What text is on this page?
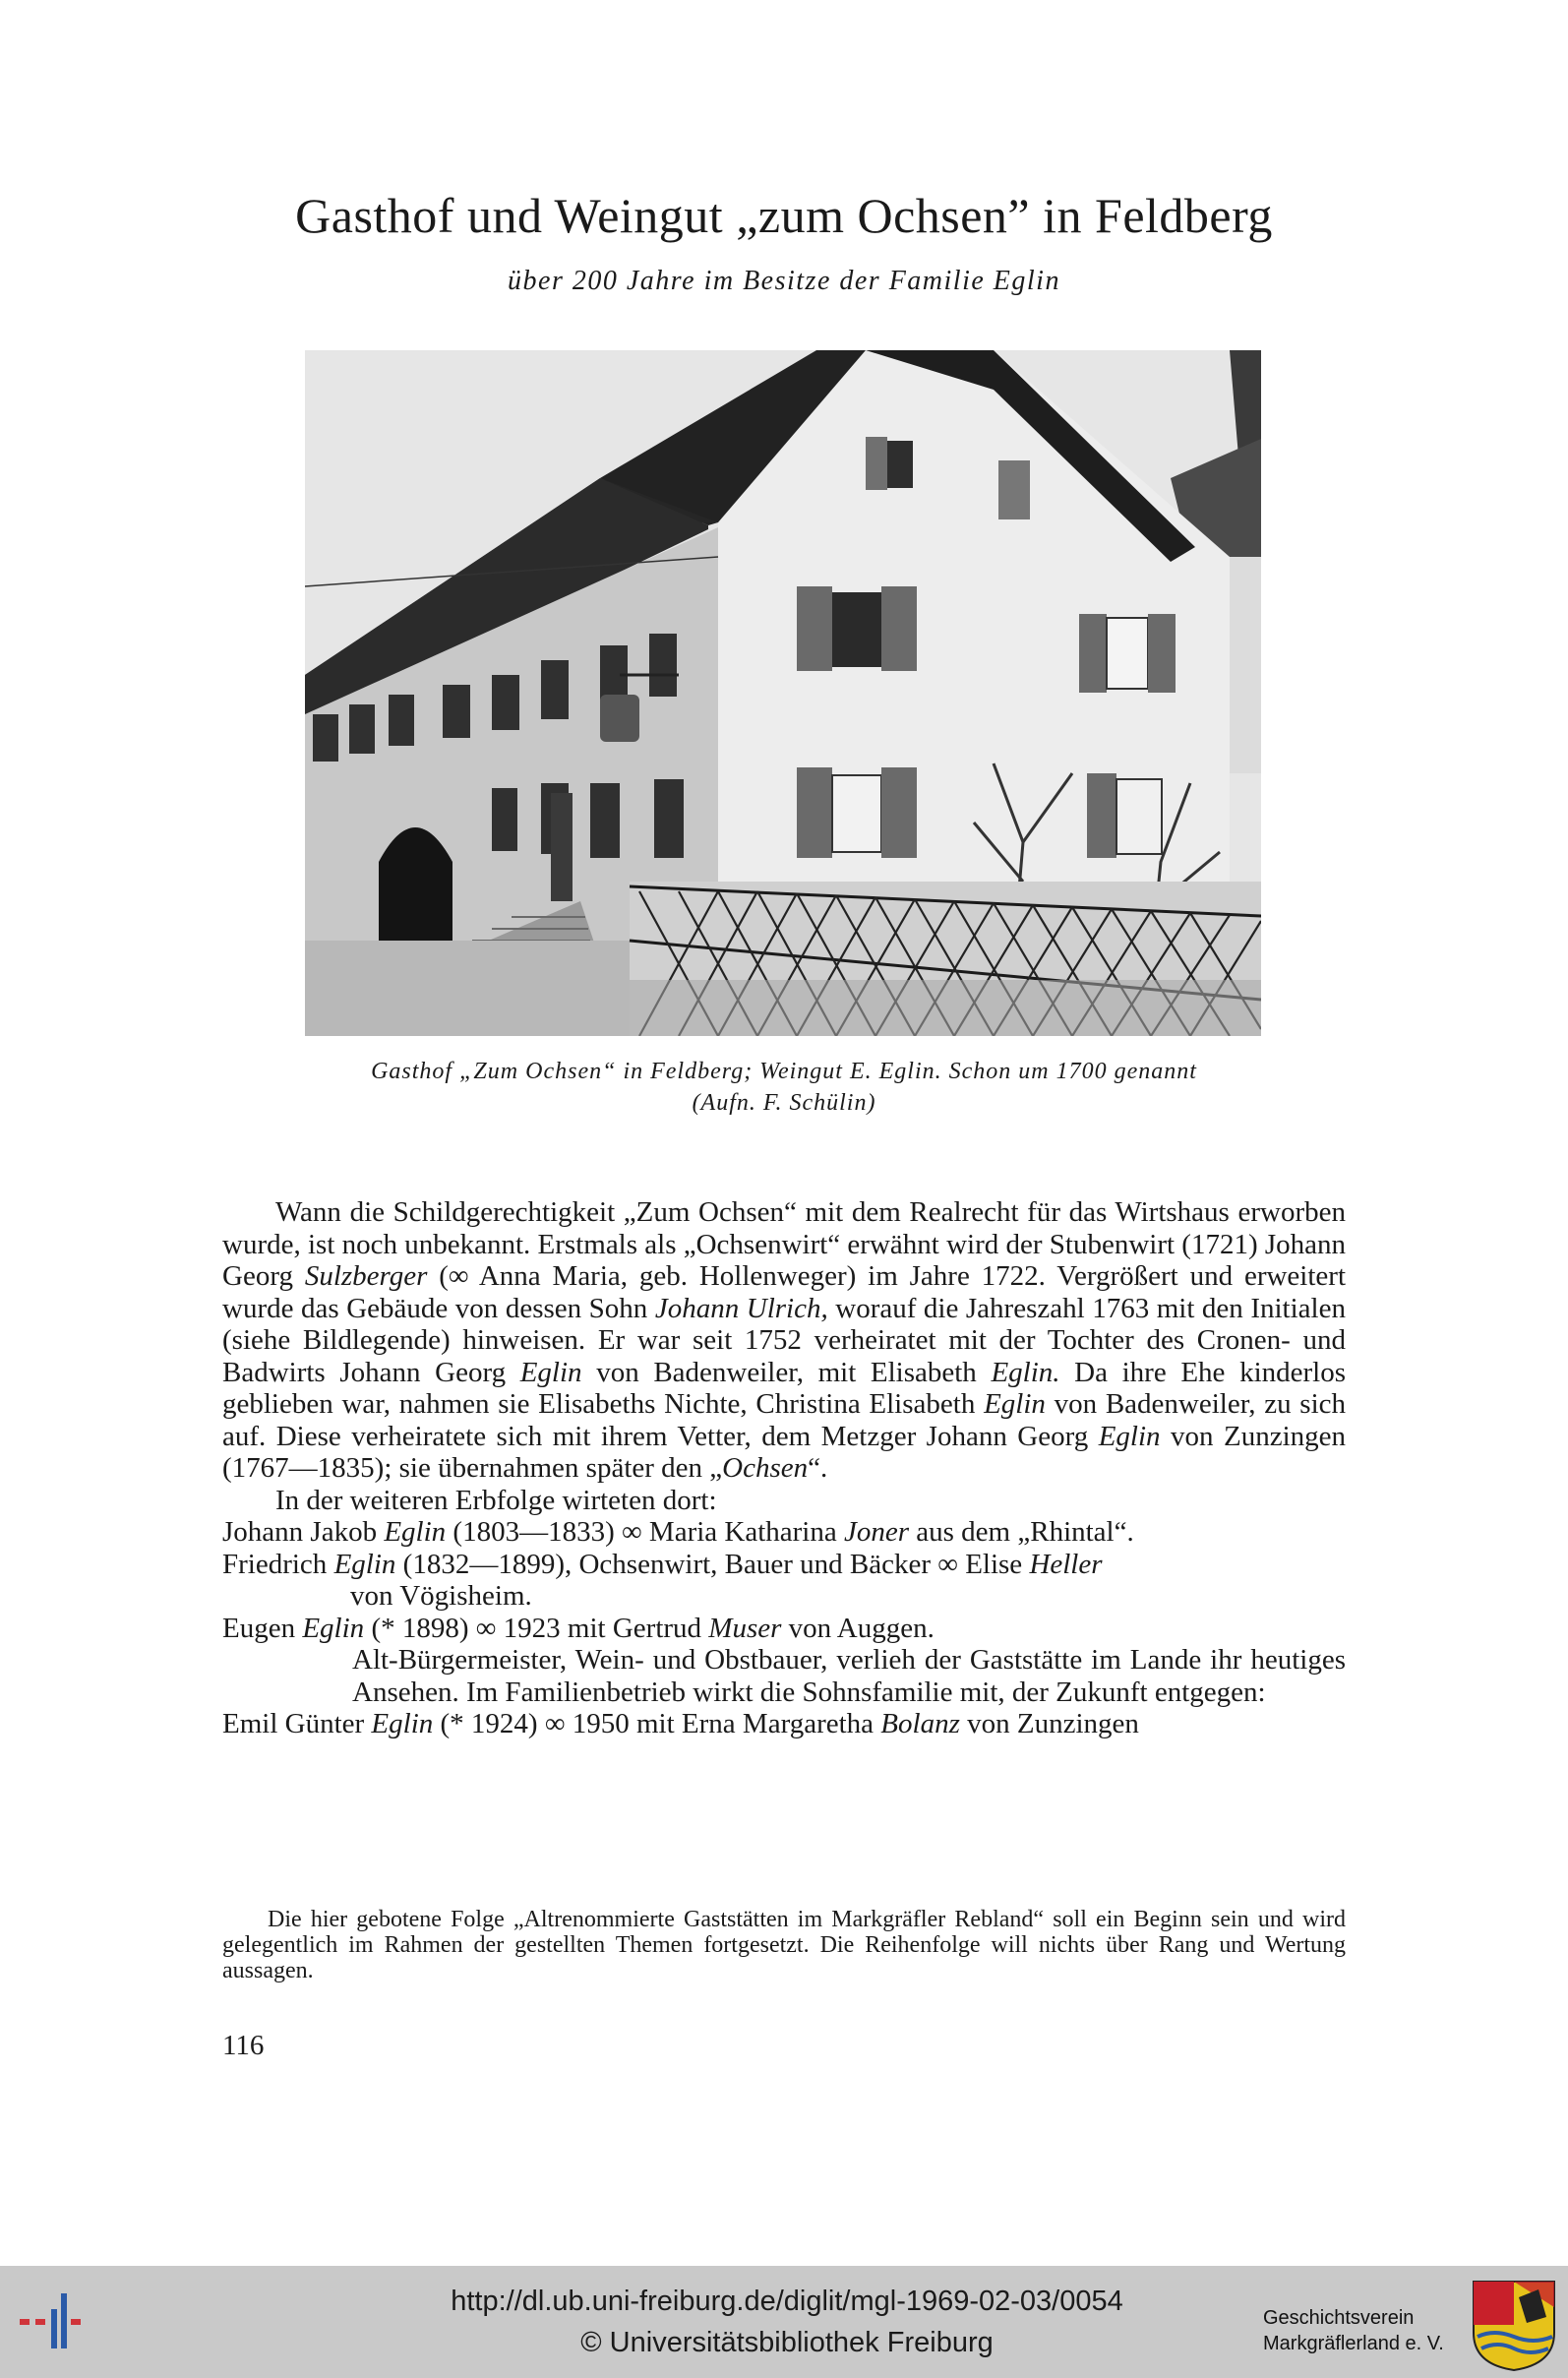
Gasthof und Weingut „zum Ochsen” in Feldberg
über 200 Jahre im Besitze der Familie Eglin
Gasthof „Zum Ochsen“ in Feldberg; Weingut E. Eglin. Schon um 1700 genannt
(Aufn. F. Schülin)

Wann die Schildgerechtigkeit „Zum Ochsen“ mit dem Realrecht für das Wirtshaus erworben wurde, ist noch unbekannt. Erstmals als „Ochsenwirt“ erwähnt wird der Stubenwirt (1721) Johann Georg Sulzberger (∞ Anna Maria, geb. Hollenweger) im Jahre 1722. Vergrößert und erweitert wurde das Gebäude von dessen Sohn Johann Ulrich, worauf die Jahreszahl 1763 mit den Initialen (siehe Bildlegende) hinweisen. Er war seit 1752 verheiratet mit der Tochter des Cronen- und Badwirts Johann Georg Eglin von Badenweiler, mit Elisabeth Eglin. Da ihre Ehe kinderlos geblieben war, nahmen sie Elisabeths Nichte, Christina Elisabeth Eglin von Badenweiler, zu sich auf. Diese verheiratete sich mit ihrem Vetter, dem Metzger Johann Georg Eglin von Zunzingen (1767—1835); sie übernahmen später den „Ochsen“.

In der weiteren Erbfolge wirteten dort:

Johann Jakob Eglin (1803—1833) ∞ Maria Katharina Joner aus dem „Rhintal“.
Friedrich Eglin (1832—1899), Ochsenwirt, Bauer und Bäcker ∞ Elise Heller
von Vögisheim.
Eugen Eglin (* 1898) ∞ 1923 mit Gertrud Muser von Auggen.
Alt-Bürgermeister, Wein- und Obstbauer, verlieh der Gaststätte im Lande ihr heutiges Ansehen. Im Familienbetrieb wirkt die Sohnsfamilie mit, der Zukunft entgegen:
Emil Günter Eglin (* 1924) ∞ 1950 mit Erna Margaretha Bolanz von Zunzingen

Die hier gebotene Folge „Altrenommierte Gaststätten im Markgräfler Rebland“ soll ein Beginn sein und wird gelegentlich im Rahmen der gestellten Themen fortgesetzt. Die Reihenfolge will nichts über Rang und Wertung aussagen.

116
http://dl.ub.uni-freiburg.de/diglit/mgl-1969-02-03/0054
© Universitätsbibliothek Freiburg
Geschichtsverein
Markgräflerland e. V.
